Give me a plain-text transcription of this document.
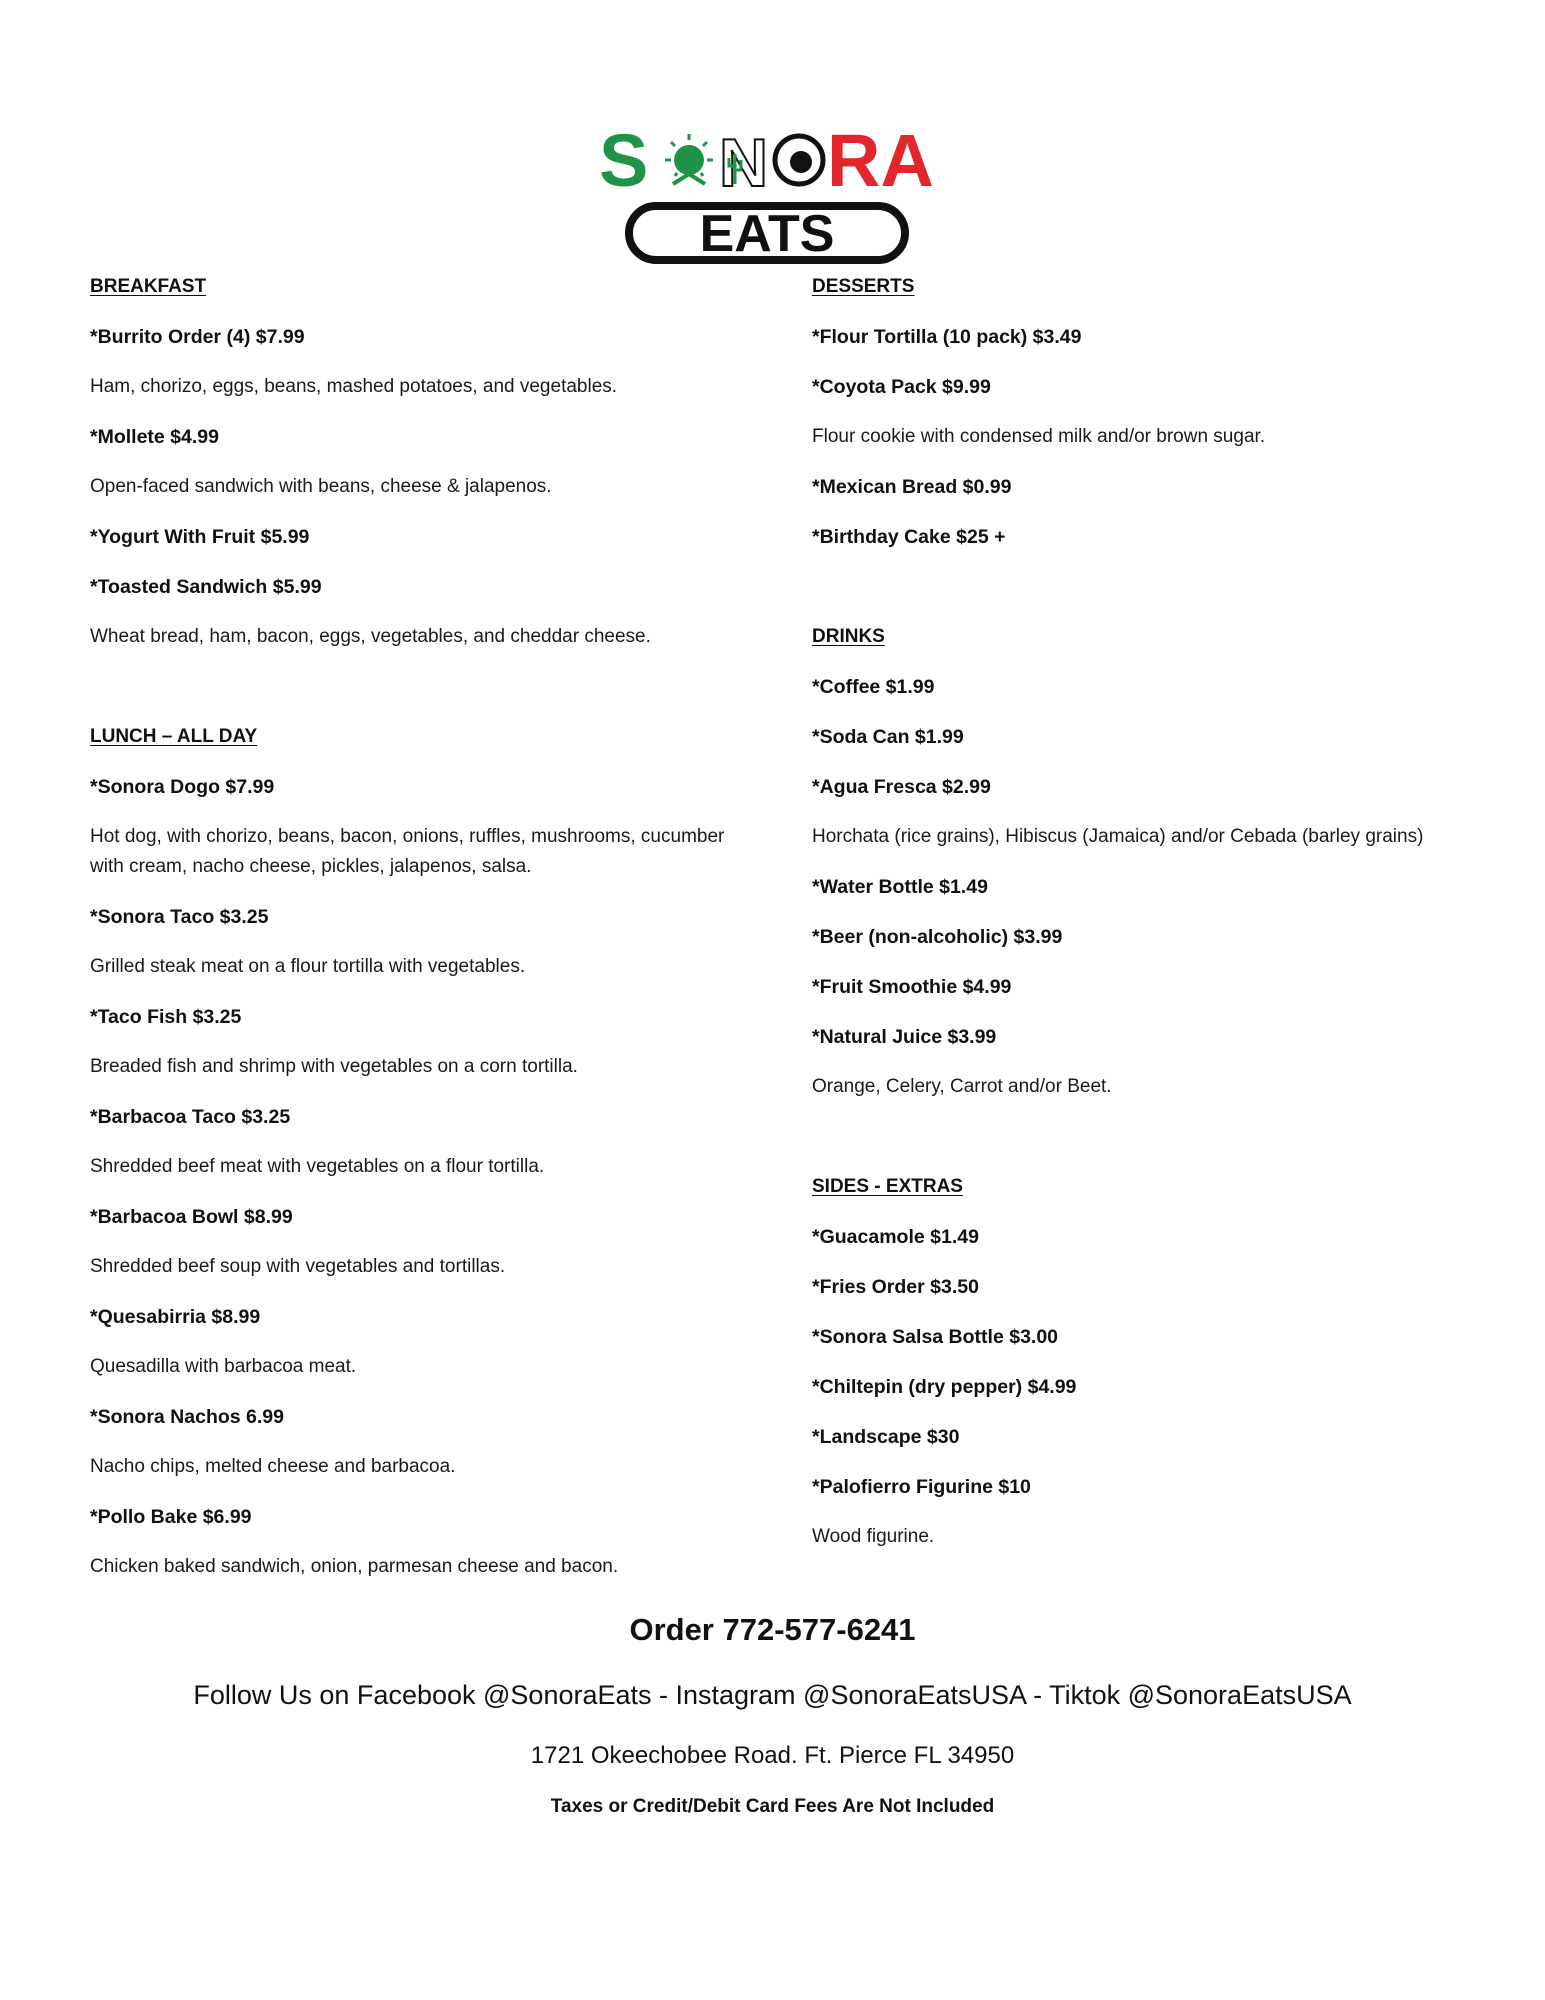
S N RA
EATS
BREAKFAST
*Burrito Order (4) $7.99
Ham, chorizo, eggs, beans, mashed potatoes, and vegetables.
*Mollete $4.99
Open-faced sandwich with beans, cheese & jalapenos.
*Yogurt With Fruit $5.99
*Toasted Sandwich $5.99
Wheat bread, ham, bacon, eggs, vegetables, and cheddar cheese.
LUNCH – ALL DAY
*Sonora Dogo $7.99
Hot dog, with chorizo, beans, bacon, onions, ruffles, mushrooms, cucumber with cream, nacho cheese, pickles, jalapenos, salsa.
*Sonora Taco $3.25
Grilled steak meat on a flour tortilla with vegetables.
*Taco Fish $3.25
Breaded fish and shrimp with vegetables on a corn tortilla.
*Barbacoa Taco $3.25
Shredded beef meat with vegetables on a flour tortilla.
*Barbacoa Bowl $8.99
Shredded beef soup with vegetables and tortillas.
*Quesabirria $8.99
Quesadilla with barbacoa meat.
*Sonora Nachos 6.99
Nacho chips, melted cheese and barbacoa.
*Pollo Bake $6.99
Chicken baked sandwich, onion, parmesan cheese and bacon.
DESSERTS
*Flour Tortilla (10 pack) $3.49
*Coyota Pack $9.99
Flour cookie with condensed milk and/or brown sugar.
*Mexican Bread $0.99
*Birthday Cake $25 +
DRINKS
*Coffee $1.99
*Soda Can $1.99
*Agua Fresca $2.99
Horchata (rice grains), Hibiscus (Jamaica) and/or Cebada (barley grains)
*Water Bottle $1.49
*Beer (non-alcoholic) $3.99
*Fruit Smoothie $4.99
*Natural Juice $3.99
Orange, Celery, Carrot and/or Beet.
SIDES - EXTRAS
*Guacamole $1.49
*Fries Order $3.50
*Sonora Salsa Bottle $3.00
*Chiltepin (dry pepper) $4.99
*Landscape $30
*Palofierro Figurine $10
Wood figurine.
Order 772-577-6241
Follow Us on Facebook @SonoraEats - Instagram @SonoraEatsUSA - Tiktok @SonoraEatsUSA
1721 Okeechobee Road. Ft. Pierce FL 34950
Taxes or Credit/Debit Card Fees Are Not Included
